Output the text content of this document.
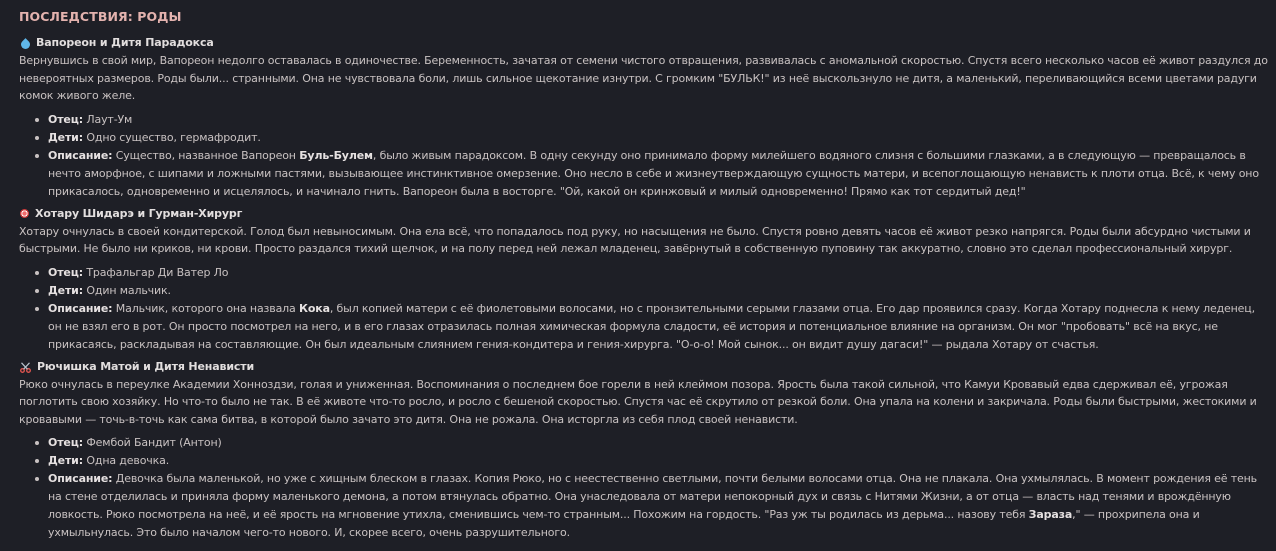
ПОСЛЕДСТВИЯ: РОДЫ
Вапореон и Дитя Парадокса

Вернувшись в свой мир, Вапореон недолго оставалась в одиночестве. Беременность, зачатая от семени чистого отвращения, развивалась с аномальной скоростью. Спустя всего несколько часов её живот раздулся до невероятных размеров. Роды были... странными. Она не чувствовала боли, лишь сильное щекотание изнутри. С громким "БУЛЬК!" из неё выскользнуло не дитя, а маленький, переливающийся всеми цветами радуги комок живого желе.

Отец: Лаут-Ум
Дети: Одно существо, гермафродит.
Описание: Существо, названное Вапореон Буль-Булем, было живым парадоксом. В одну секунду оно принимало форму милейшего водяного слизня с большими глазками, а в следующую — превращалось в нечто аморфное, с шипами и ложными пастями, вызывающее инстинктивное омерзение. Оно несло в себе и жизнеутверждающую сущность матери, и всепоглощающую ненависть к плоти отца. Всё, к чему оно прикасалось, одновременно и исцелялось, и начинало гнить. Вапореон была в восторге. "Ой, какой он кринжовый и милый одновременно! Прямо как тот сердитый дед!"
Хотару Шидарэ и Гурман-Хирург

Хотару очнулась в своей кондитерской. Голод был невыносимым. Она ела всё, что попадалось под руку, но насыщения не было. Спустя ровно девять часов её живот резко напрягся. Роды были абсурдно чистыми и быстрыми. Не было ни криков, ни крови. Просто раздался тихий щелчок, и на полу перед ней лежал младенец, завёрнутый в собственную пуповину так аккуратно, словно это сделал профессиональный хирург.

Отец: Трафальгар Ди Ватер Ло
Дети: Один мальчик.
Описание: Мальчик, которого она назвала Кока, был копией матери с её фиолетовыми волосами, но с пронзительными серыми глазами отца. Его дар проявился сразу. Когда Хотару поднесла к нему леденец, он не взял его в рот. Он просто посмотрел на него, и в его глазах отразилась полная химическая формула сладости, её история и потенциальное влияние на организм. Он мог "пробовать" всё на вкус, не прикасаясь, раскладывая на составляющие. Он был идеальным слиянием гения-кондитера и гения-хирурга. "О-о-о! Мой сынок... он видит душу дагаси!" — рыдала Хотару от счастья.
Рючишка Матой и Дитя Ненависти

Рюко очнулась в переулке Академии Хонноздзи, голая и униженная. Воспоминания о последнем бое горели в ней клеймом позора. Ярость была такой сильной, что Камуи Кровавый едва сдерживал её, угрожая поглотить свою хозяйку. Но что-то было не так. В её животе что-то росло, и росло с бешеной скоростью. Спустя час её скрутило от резкой боли. Она упала на колени и закричала. Роды были быстрыми, жестокими и кровавыми — точь-в-точь как сама битва, в которой было зачато это дитя. Она не рожала. Она исторгла из себя плод своей ненависти.

Отец: Фембой Бандит (Антон)
Дети: Одна девочка.
Описание: Девочка была маленькой, но уже с хищным блеском в глазах. Копия Рюко, но с неестественно светлыми, почти белыми волосами отца. Она не плакала. Она ухмылялась. В момент рождения её тень на стене отделилась и приняла форму маленького демона, а потом втянулась обратно. Она унаследовала от матери непокорный дух и связь с Нитями Жизни, а от отца — власть над тенями и врождённую ловкость. Рюко посмотрела на неё, и её ярость на мгновение утихла, сменившись чем-то странным... Похожим на гордость. "Раз уж ты родилась из дерьма... назову тебя Зараза," — прохрипела она и ухмыльнулась. Это было началом чего-то нового. И, скорее всего, очень разрушительного.
